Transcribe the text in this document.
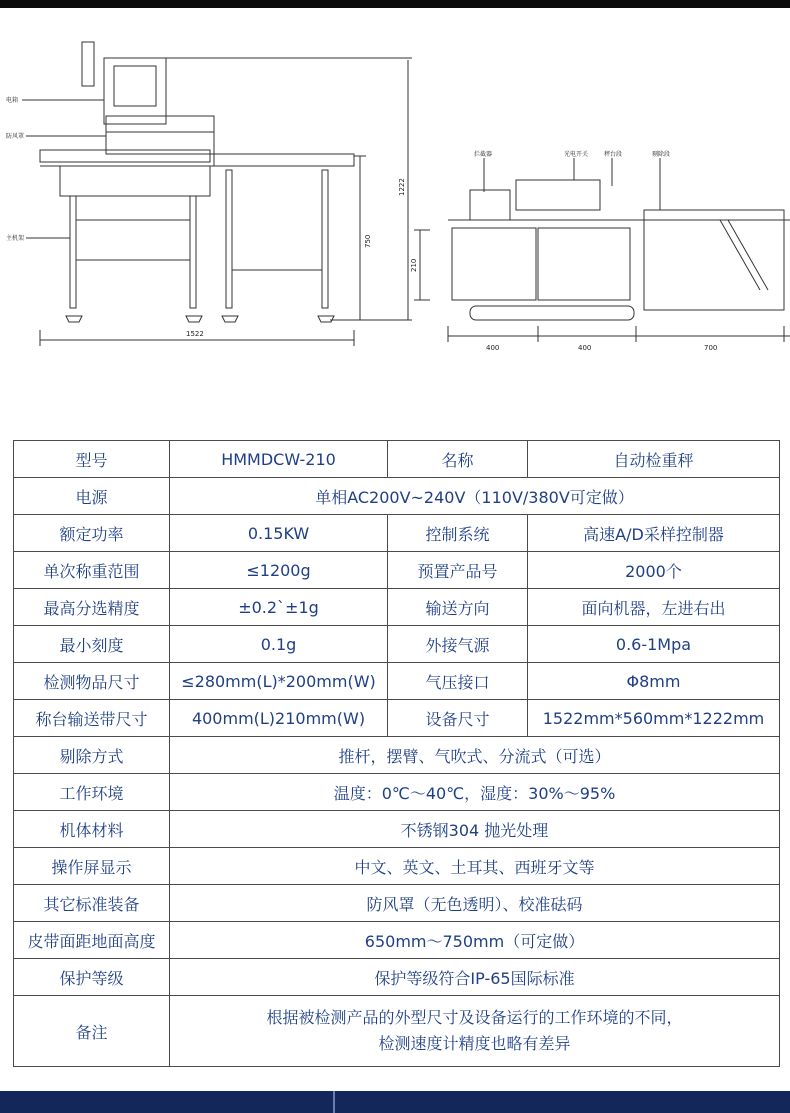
电箱
防风罩
主机架
拦截器	光电开关	秤台段	剔除段
1522
1222
750
210
400	400	700
型号	HMMDCW-210	名称	自动检重秤
电源	单相AC200V~240V（110V/380V可定做）		
额定功率	0.15KW	控制系统	高速A/D采样控制器
单次称重范围	≤1200g	预置产品号	2000个
最高分选精度	±0.2`±1g	输送方向	面向机器，左进右出
最小刻度	0.1g	外接气源	0.6-1Mpa
检测物品尺寸	≤280mm(L)*200mm(W)	气压接口	Φ8mm
称台输送带尺寸	400mm(L)210mm(W)	设备尺寸	1522mm*560mm*1222mm
剔除方式	推杆，摆臂、气吹式、分流式（可选）		
工作环境	温度：0℃～40℃，湿度：30%～95%		
机体材料	不锈钢304 抛光处理		
操作屏显示	中文、英文、土耳其、西班牙文等		
其它标准装备	防风罩（无色透明）、校准砝码		
皮带面距地面高度	650mm～750mm（可定做）		
保护等级	保护等级符合IP-65国际标准		
备注	根据被检测产品的外型尺寸及设备运行的工作环境的不同，
检测速度计精度也略有差异		
